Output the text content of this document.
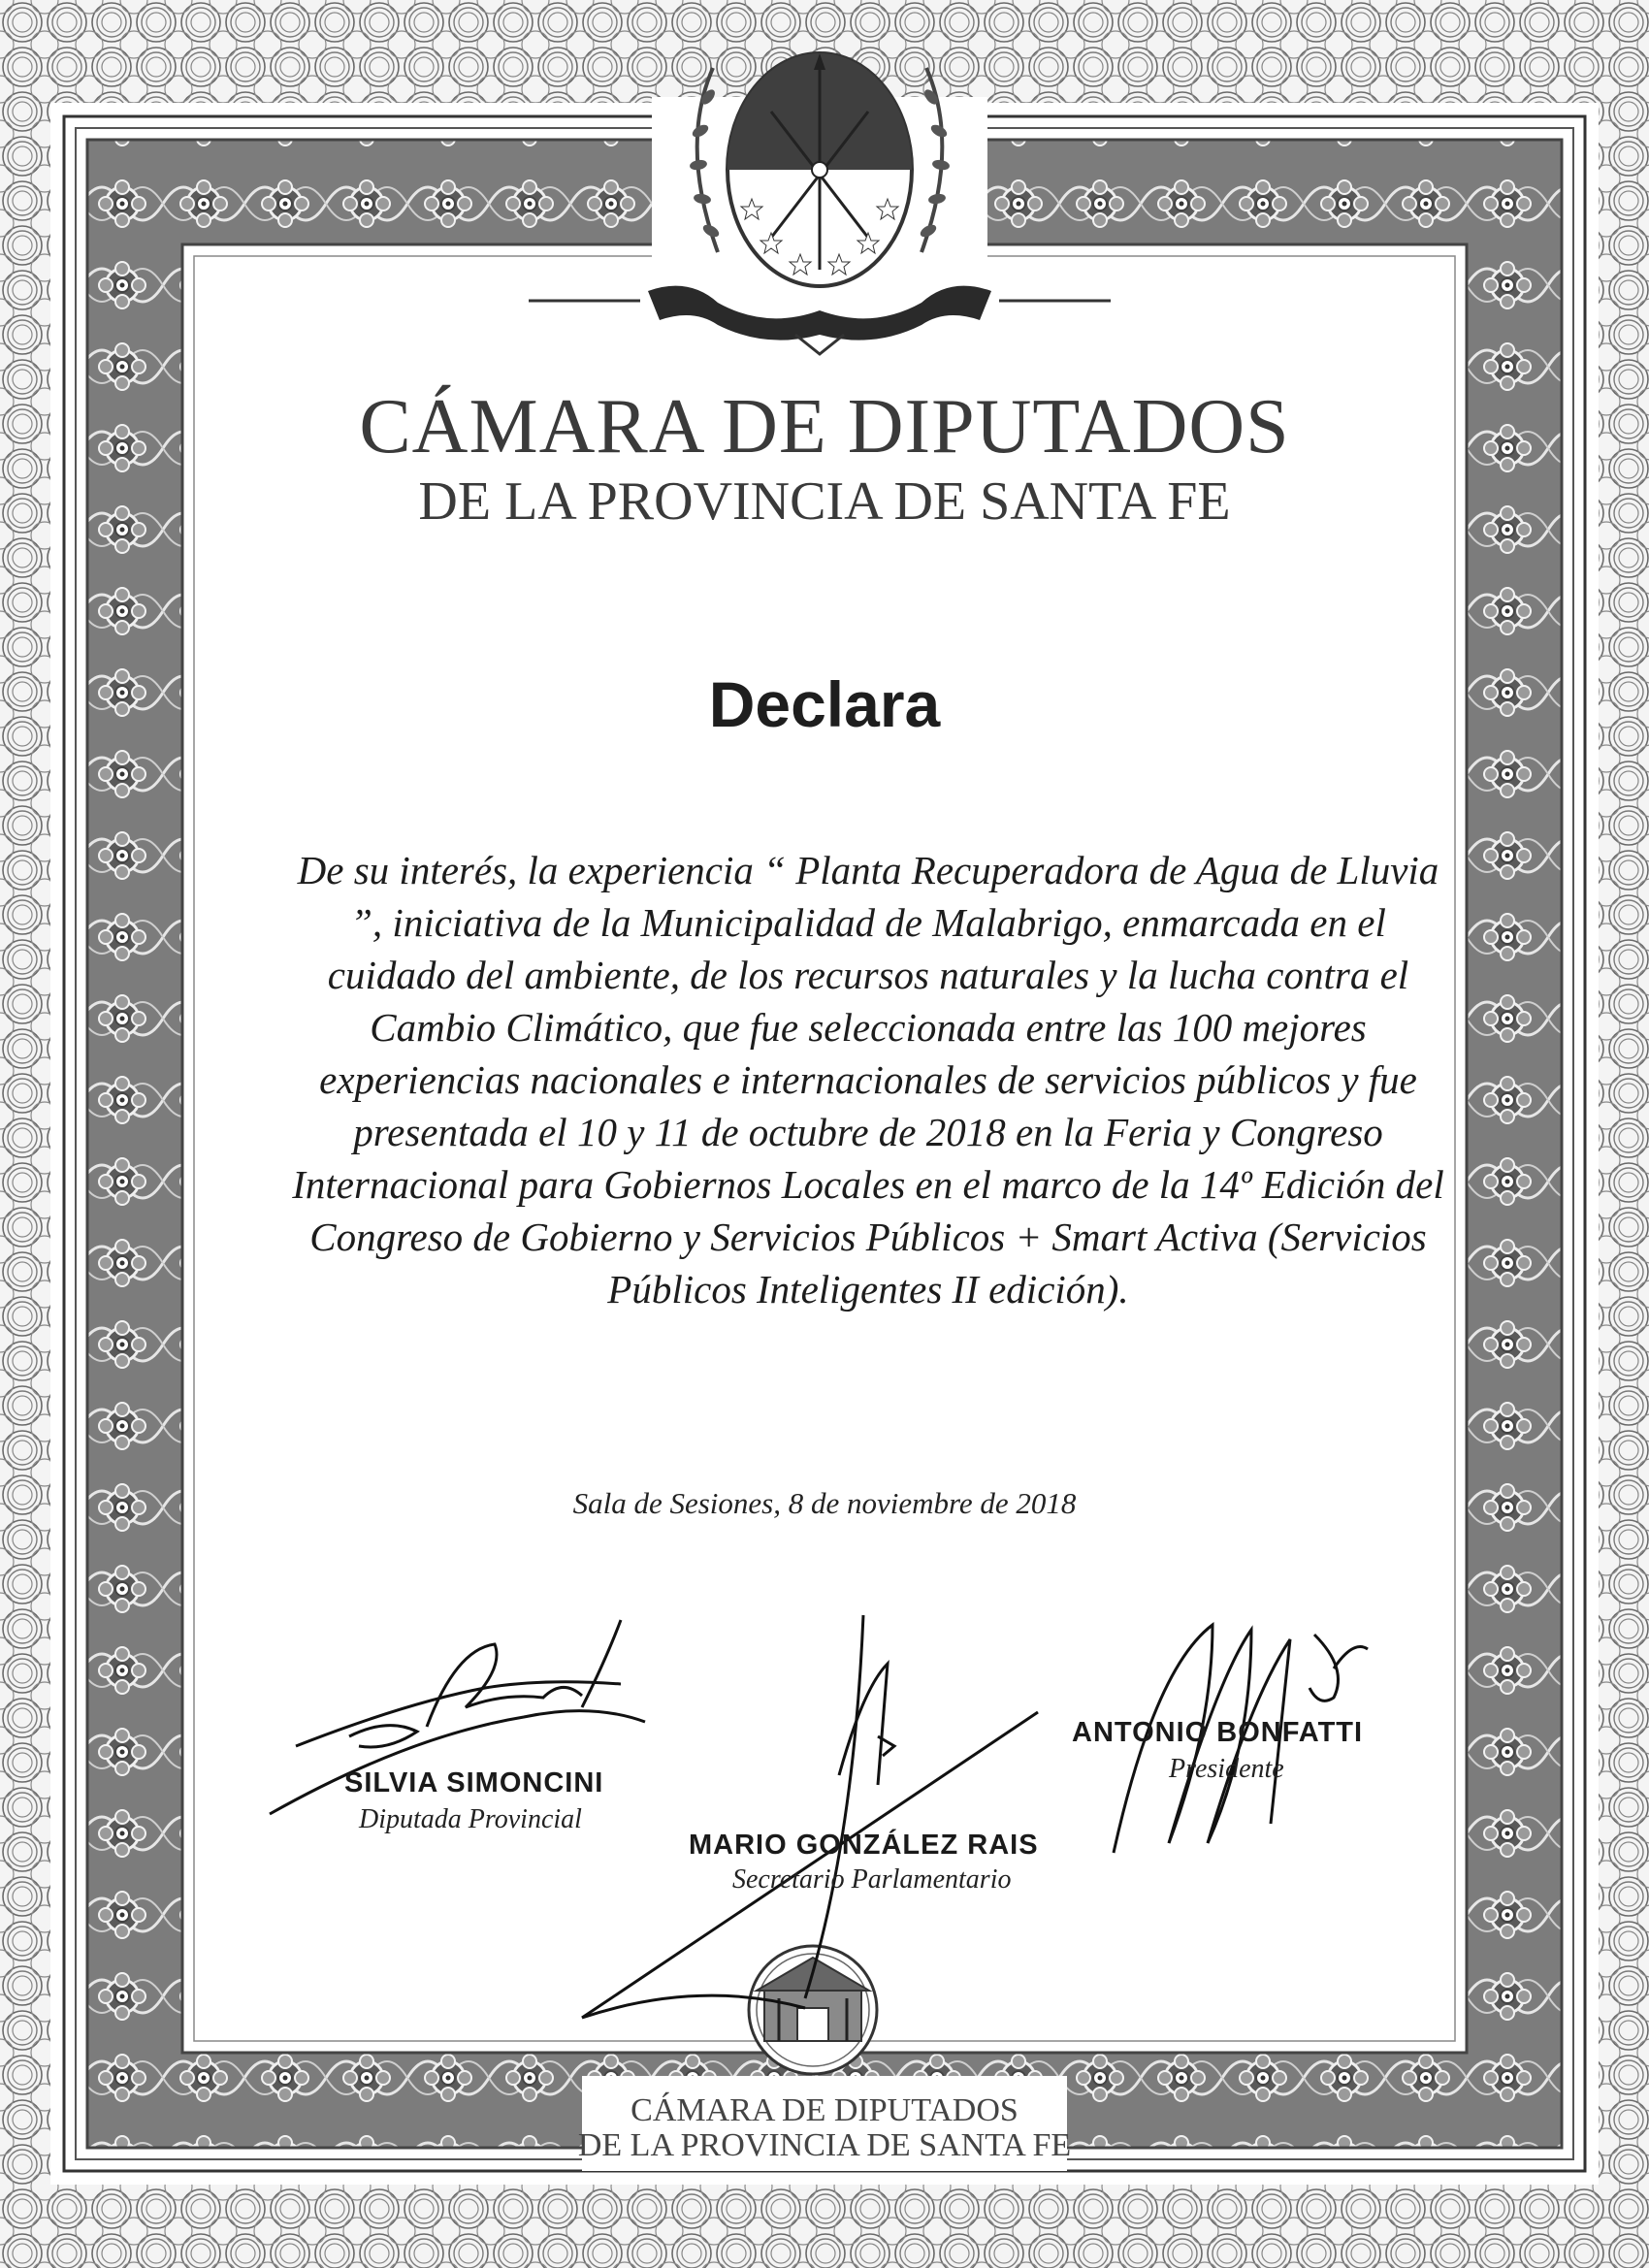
CÁMARA DE DIPUTADOS
DE LA PROVINCIA DE SANTA FE
Declara
De su interés, la experiencia “ Planta Recuperadora de Agua de Lluvia ”, iniciativa de la Municipalidad de Malabrigo, enmarcada en el cuidado del ambiente, de los recursos naturales y la lucha contra el Cambio Climático, que fue seleccionada entre las 100 mejores experiencias nacionales e internacionales de servicios públicos y fue presentada el 10 y 11 de octubre de 2018 en la Feria y Congreso Internacional para Gobiernos Locales en el marco de la 14º Edición del Congreso de Gobierno y Servicios Públicos + Smart Activa (Servicios Públicos Inteligentes II edición).
Sala de Sesiones, 8 de noviembre de 2018
SILVIA SIMONCINI
Diputada Provincial
MARIO GONZÁLEZ RAIS
Secretario Parlamentario
ANTONIO BONFATTI
Presidente
CÁMARA DE DIPUTADOS
DE LA PROVINCIA DE SANTA FE
